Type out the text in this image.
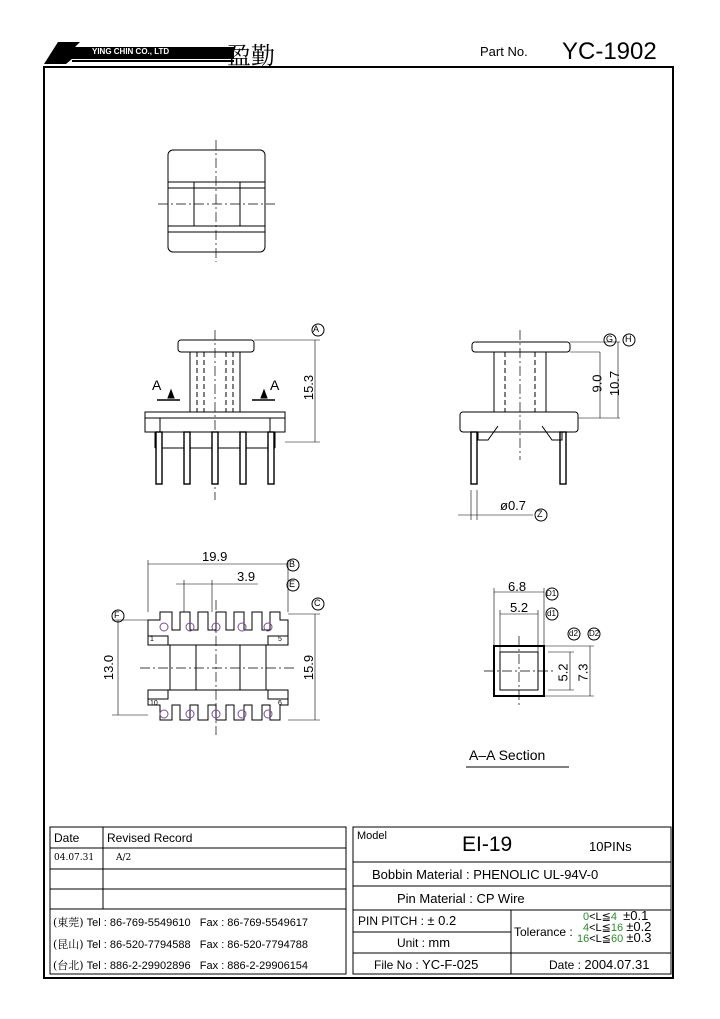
YING CHIN CO., LTD 盈勤	Part No. YC-1902
A
15.3
A	A
G H
9.0 10.7
ø0.7
Z
19.9	B
3.9	E
C
F
13.0	15.9
1	5
10	6
6.8 D1
5.2 d1
d2 D2
5.2 7.3
A–A Section
Date Revised Record
04.07.31 A/2
(東莞) Tel : 86-769-5549610 Fax : 86-769-5549617
(昆山) Tel : 86-520-7794588 Fax : 86-520-7794788
(台北) Tel : 886-2-29902896 Fax : 886-2-29906154
Model	EI-19	10PINs
Bobbin Material : PHENOLIC UL-94V-0
Pin Material : CP Wire
PIN PITCH : ± 0.2
Unit : mm
File No : YC-F-025
Tolerance :
0<L≦4 ±0.1
4<L≦16 ±0.2
16<L≦60 ±0.3
Date : 2004.07.31
